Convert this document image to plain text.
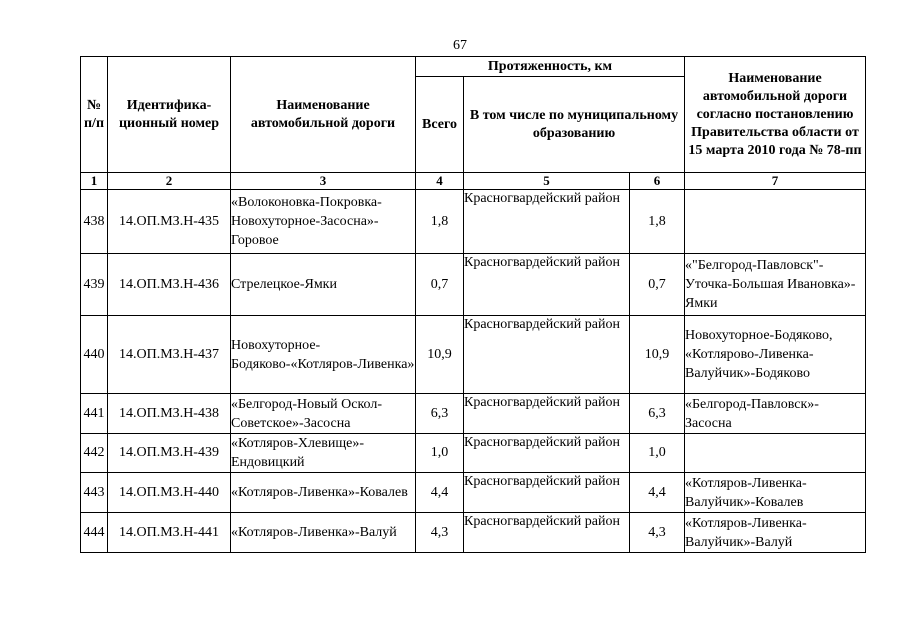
67
№ п/п	Идентифика-ционный номер	Наименование автомобильной дороги	Протяженность, км			Наименование автомобильной дороги согласно постановлению Правительства области от 15 марта 2010 года № 78-пп
			Всего	В том числе по муниципальному образованию		
1	2	3	4	5	6	7
438	14.ОП.МЗ.Н-435	«Волоконовка-Покровка-Новохуторное-Засосна»-Горовое	1,8	Красногвардейский район	1,8	
439	14.ОП.МЗ.Н-436	Стрелецкое-Ямки	0,7	Красногвардейский район	0,7	«"Белгород-Павловск"-Уточка-Большая Ивановка»-Ямки
440	14.ОП.МЗ.Н-437	Новохуторное-Бодяково-«Котляров-Ливенка»	10,9	Красногвардейский район	10,9	Новохуторное-Бодяково, «Котлярово-Ливенка-Валуйчик»-Бодяково
441	14.ОП.МЗ.Н-438	«Белгород-Новый Оскол-Советское»-Засосна	6,3	Красногвардейский район	6,3	«Белгород-Павловск»-Засосна
442	14.ОП.МЗ.Н-439	«Котляров-Хлевище»-Ендовицкий	1,0	Красногвардейский район	1,0	
443	14.ОП.МЗ.Н-440	«Котляров-Ливенка»-Ковалев	4,4	Красногвардейский район	4,4	«Котляров-Ливенка-Валуйчик»-Ковалев
444	14.ОП.МЗ.Н-441	«Котляров-Ливенка»-Валуй	4,3	Красногвардейский район	4,3	«Котляров-Ливенка-Валуйчик»-Валуй
